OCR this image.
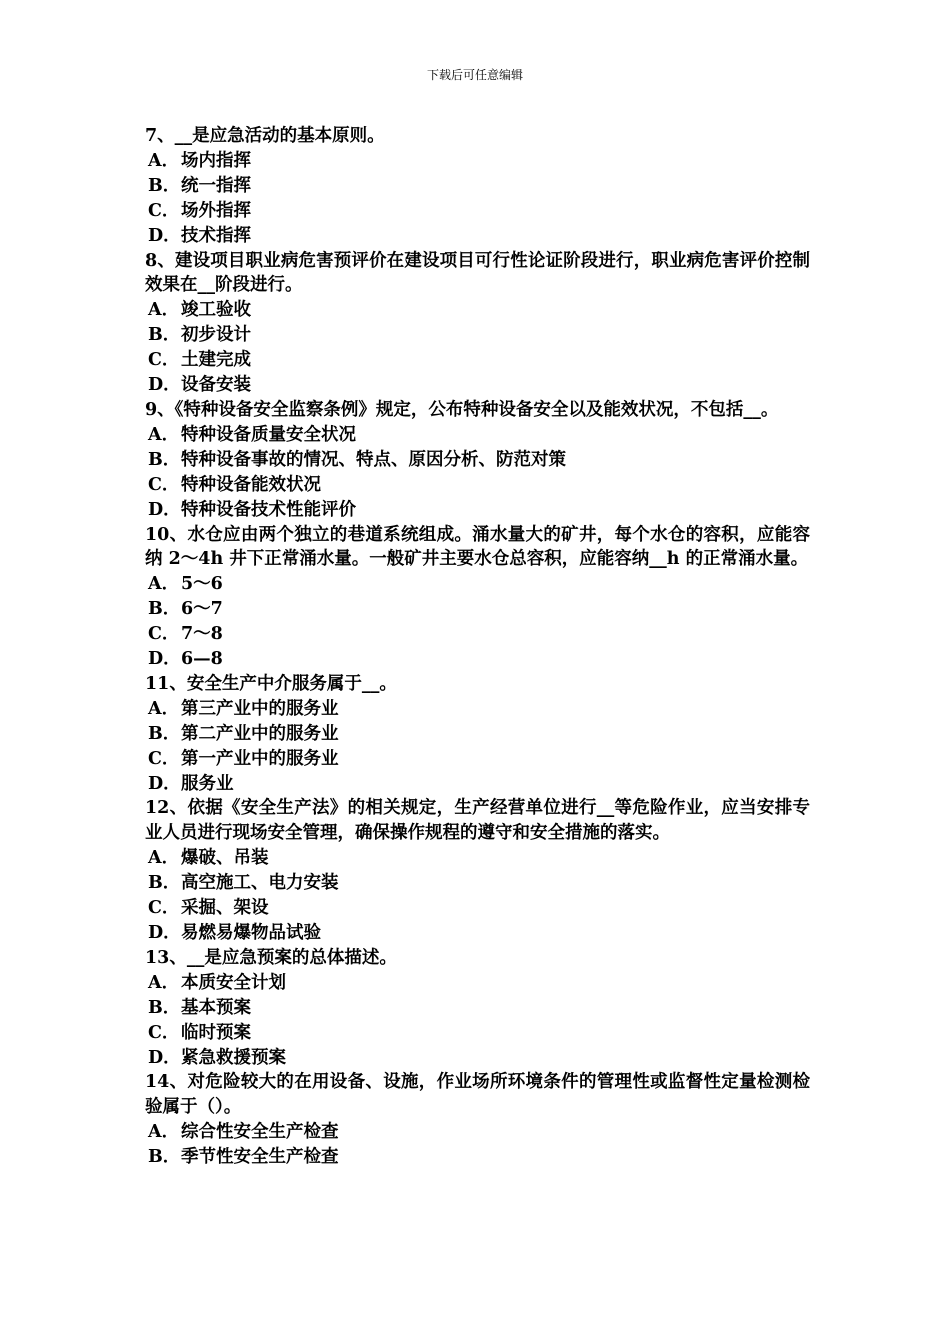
下载后可任意编辑
7、__是应急活动的基本原则。
A． 场内指挥
B．统一指挥
C．场外指挥
D．技术指挥
8、建设项目职业病危害预评价在建设项目可行性论证阶段进行，职业病危害评价控制效果在__阶段进行。
A． 竣工验收
B．初步设计
C．土建完成
D．设备安装
9、《特种设备安全监察条例》规定，公布特种设备安全以及能效状况，不包括__。
A． 特种设备质量安全状况
B．特种设备事故的情况、特点、原因分析、防范对策
C．特种设备能效状况
D．特种设备技术性能评价
10、水仓应由两个独立的巷道系统组成。涌水量大的矿井，每个水仓的容积，应能容纳 2～4h 井下正常涌水量。一般矿井主要水仓总容积，应能容纳__h 的正常涌水量。
A． 5～6
B．6～7
C．7～8
D．6—8
11、安全生产中介服务属于__。
A． 第三产业中的服务业
B．第二产业中的服务业
C．第一产业中的服务业
D．服务业
12、依据《安全生产法》的相关规定，生产经营单位进行__等危险作业，应当安排专业人员进行现场安全管理，确保操作规程的遵守和安全措施的落实。
A． 爆破、吊装
B．高空施工、电力安装
C．采掘、架设
D．易燃易爆物品试验
13、__是应急预案的总体描述。
A． 本质安全计划
B．基本预案
C．临时预案
D．紧急救援预案
14、对危险较大的在用设备、设施，作业场所环境条件的管理性或监督性定量检测检验属于（）。
A． 综合性安全生产检查
B．季节性安全生产检查
